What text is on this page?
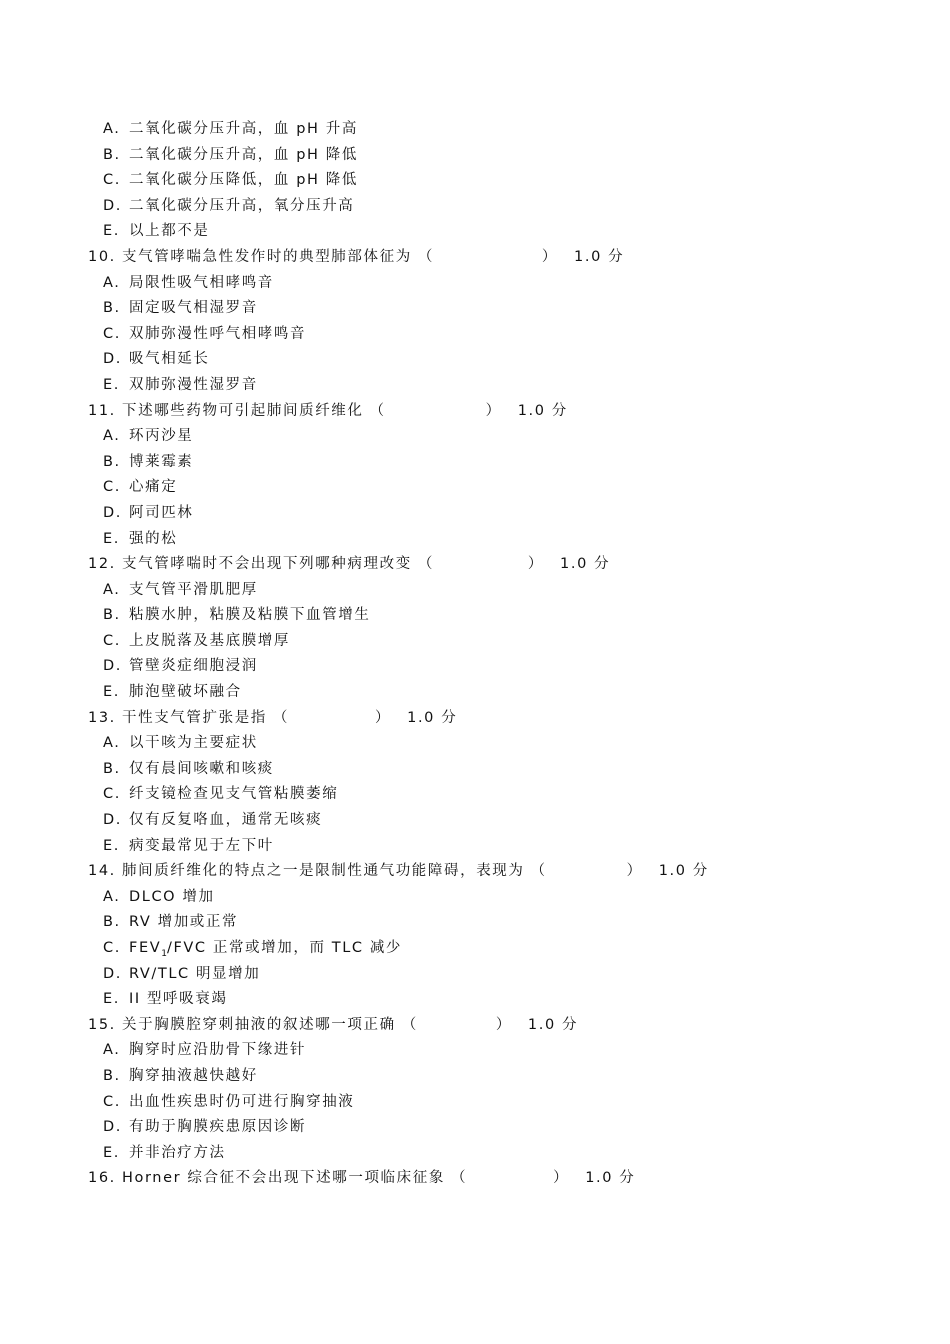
A. 二氧化碳分压升高，血 pH 升高
B. 二氧化碳分压升高，血 pH 降低
C. 二氧化碳分压降低，血 pH 降低
D. 二氧化碳分压升高，氧分压升高
E. 以上都不是
10. 支气管哮喘急性发作时的典型肺部体征为 （	） 1.0 分
A. 局限性吸气相哮鸣音
B. 固定吸气相湿罗音
C. 双肺弥漫性呼气相哮鸣音
D. 吸气相延长
E. 双肺弥漫性湿罗音
11. 下述哪些药物可引起肺间质纤维化 （	） 1.0 分
A. 环丙沙星
B. 博莱霉素
C. 心痛定
D. 阿司匹林
E. 强的松
12. 支气管哮喘时不会出现下列哪种病理改变 （	） 1.0 分
A. 支气管平滑肌肥厚
B. 粘膜水肿，粘膜及粘膜下血管增生
C. 上皮脱落及基底膜增厚
D. 管壁炎症细胞浸润
E. 肺泡壁破坏融合
13. 干性支气管扩张是指 （	） 1.0 分
A. 以干咳为主要症状
B. 仅有晨间咳嗽和咳痰
C. 纤支镜检查见支气管粘膜萎缩
D. 仅有反复咯血，通常无咳痰
E. 病变最常见于左下叶
14. 肺间质纤维化的特点之一是限制性通气功能障碍，表现为 （	） 1.0 分
A. DLCO 增加
B. RV 增加或正常
C. $FEV_1$/FVC 正常或增加，而 TLC 减少
D. RV/TLC 明显增加
E. II 型呼吸衰竭
15. 关于胸膜腔穿刺抽液的叙述哪一项正确 （	） 1.0 分
A. 胸穿时应沿肋骨下缘进针
B. 胸穿抽液越快越好
C. 出血性疾患时仍可进行胸穿抽液
D. 有助于胸膜疾患原因诊断
E. 并非治疗方法
16. Horner 综合征不会出现下述哪一项临床征象 （	） 1.0 分
